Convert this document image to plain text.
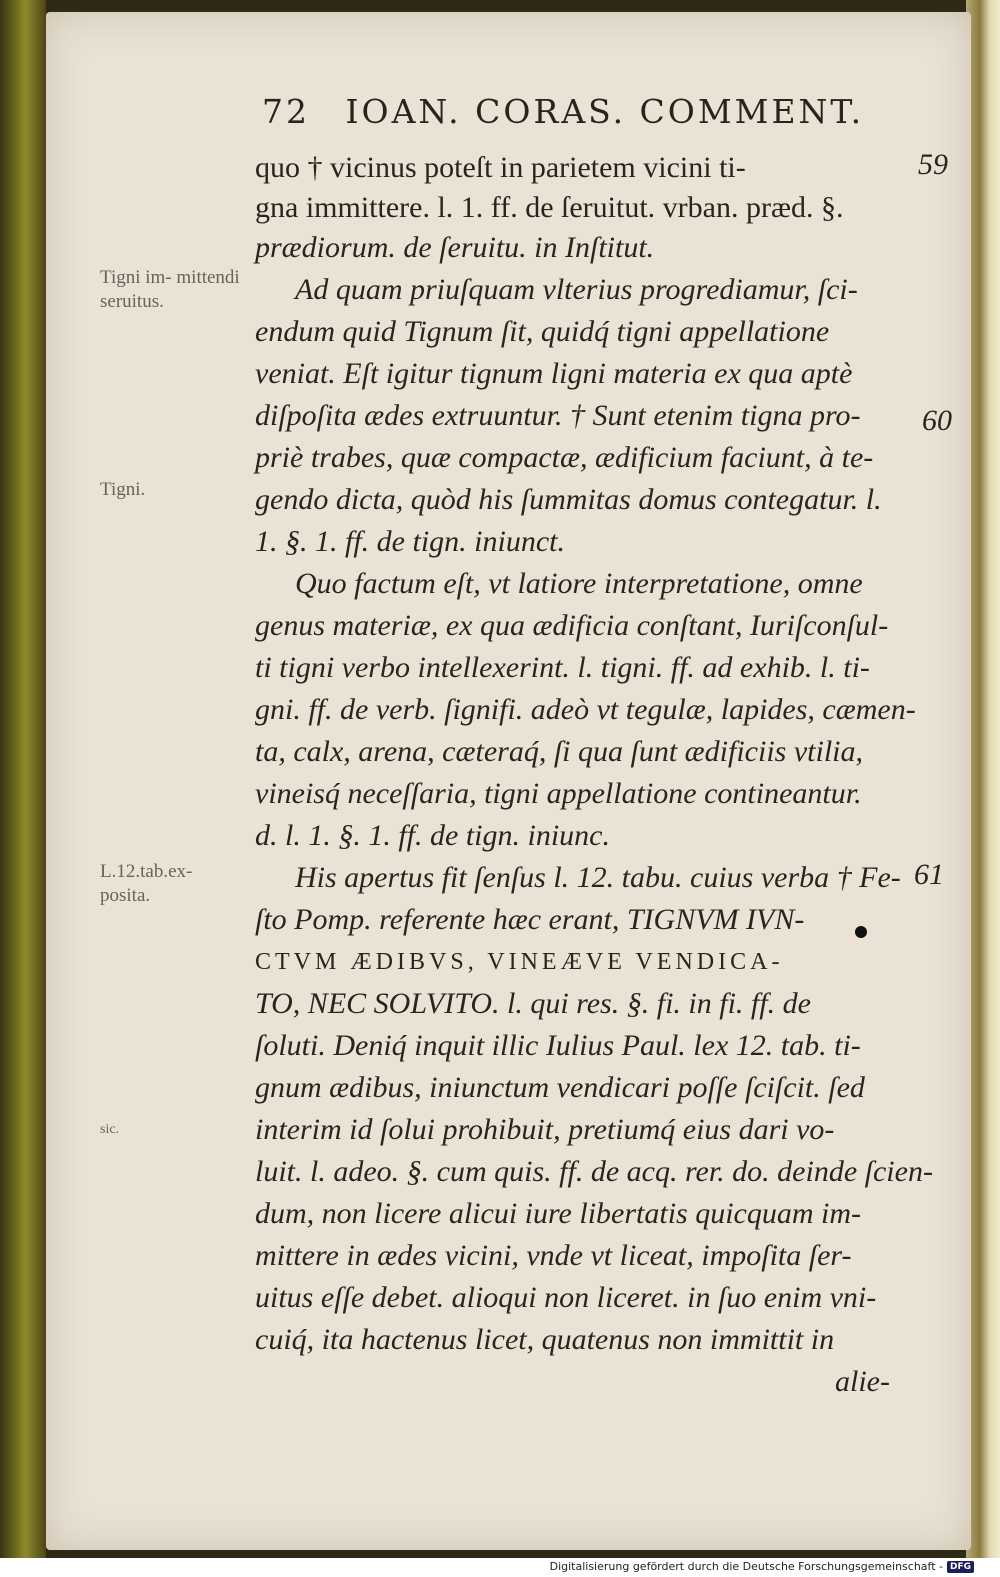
72 IOAN. CORAS. COMMENT.
Tigni im- mittendi seruitus.
Tigni.
L.12.tab.ex- posita.
sic.
59
60
61
quo † vicinus poteſt in parietem vicini ti-
gna immittere. l. 1. ff. de ſeruitut. vrban. præd. §.
prædiorum. de ſeruitu. in Inſtitut.
Ad quam priuſquam vlterius progrediamur, ſci-
endum quid Tignum ſit, quidq́ tigni appellatione
veniat. Eſt igitur tignum ligni materia ex qua aptè
diſpoſita ædes extruuntur. † Sunt etenim tigna pro-
priè trabes, quæ compactæ, ædificium faciunt, à te-
gendo dicta, quòd his ſummitas domus contegatur. l.
1. §. 1. ff. de tign. iniunct.
Quo factum eſt, vt latiore interpretatione, omne
genus materiæ, ex qua ædificia conſtant, Iuriſconſul-
ti tigni verbo intellexerint. l. tigni. ff. ad exhib. l. ti-
gni. ff. de verb. ſignifi. adeò vt tegulæ, lapides, cæmen-
ta, calx, arena, cæteraq́, ſi qua ſunt ædificiis vtilia,
vineisq́ neceſſaria, tigni appellatione contineantur.
d. l. 1. §. 1. ff. de tign. iniunc.
His apertus fit ſenſus l. 12. tabu. cuius verba † Fe-
ſto Pomp. referente hæc erant, TIGNVM IVN-
CTVM ÆDIBVS, VINEÆVE VENDICA-
TO, NEC SOLVITO. l. qui res. §. fi. in fi. ff. de
ſoluti. Deniq́ inquit illic Iulius Paul. lex 12. tab. ti-
gnum ædibus, iniunctum vendicari poſſe ſciſcit. ſed
interim id ſolui prohibuit, pretiumq́ eius dari vo-
luit. l. adeo. §. cum quis. ff. de acq. rer. do. deinde ſcien-
dum, non licere alicui iure libertatis quicquam im-
mittere in ædes vicini, vnde vt liceat, impoſita ſer-
uitus eſſe debet. alioqui non liceret. in ſuo enim vni-
cuiq́, ita hactenus licet, quatenus non immittit in
alie-
Digitalisierung gefördert durch die Deutsche Forschungsgemeinschaft - DFG
